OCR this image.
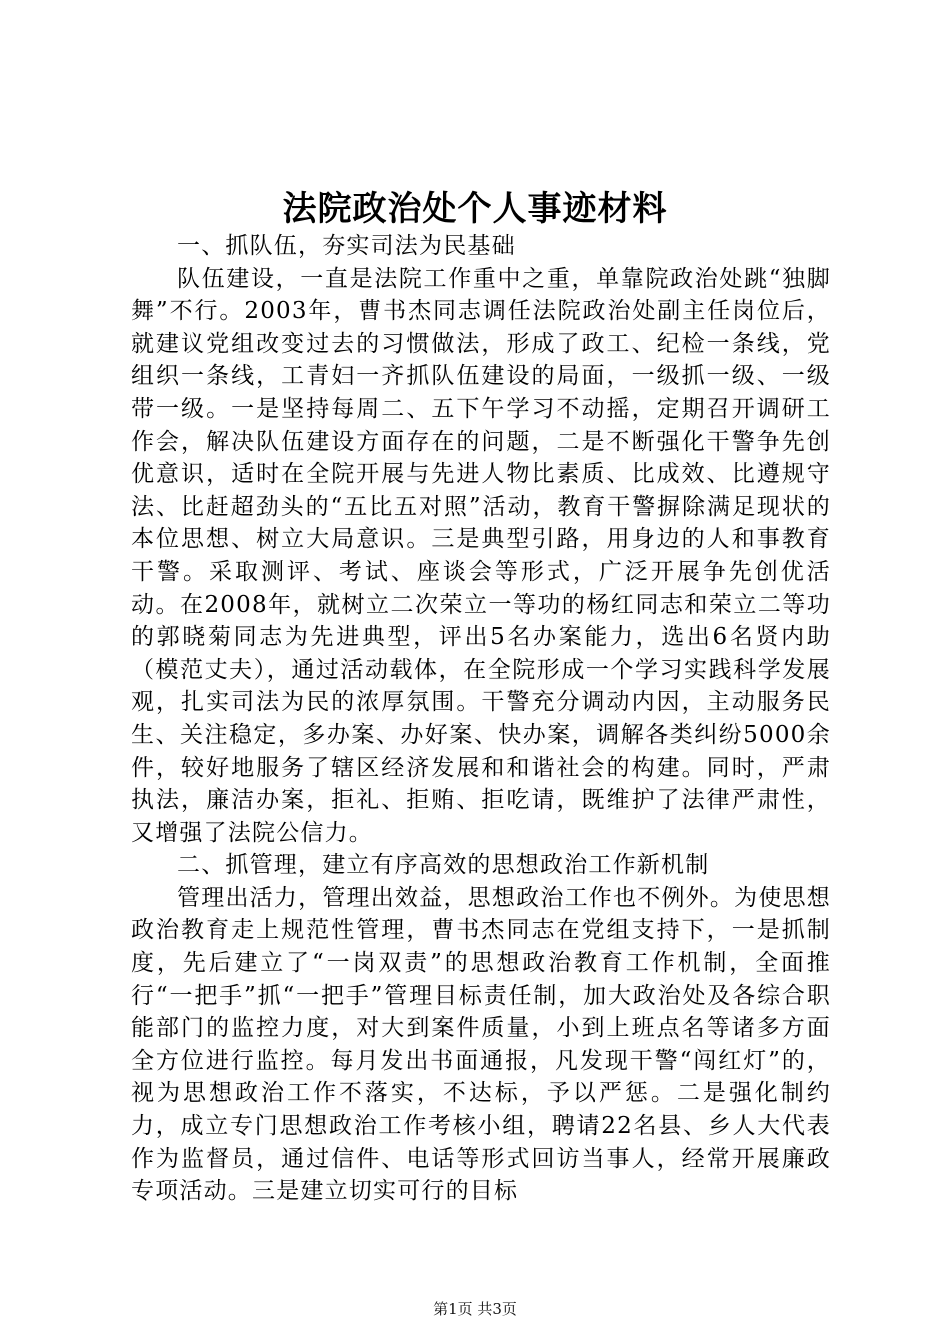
法院政治处个人事迹材料

一、抓队伍，夯实司法为民基础

队伍建设，一直是法院工作重中之重，单靠院政治处跳“独脚舞”不行。2003年，曹书杰同志调任法院政治处副主任岗位后，就建议党组改变过去的习惯做法，形成了政工、纪检一条线，党组织一条线，工青妇一齐抓队伍建设的局面，一级抓一级、一级带一级。一是坚持每周二、五下午学习不动摇，定期召开调研工作会，解决队伍建设方面存在的问题，二是不断强化干警争先创优意识，适时在全院开展与先进人物比素质、比成效、比遵规守法、比赶超劲头的“五比五对照”活动，教育干警摒除满足现状的本位思想、树立大局意识。三是典型引路，用身边的人和事教育干警。采取测评、考试、座谈会等形式，广泛开展争先创优活动。在2008年，就树立二次荣立一等功的杨红同志和荣立二等功的郭晓菊同志为先进典型，评出5名办案能力，选出6名贤内助（模范丈夫），通过活动载体，在全院形成一个学习实践科学发展观，扎实司法为民的浓厚氛围。干警充分调动内因，主动服务民生、关注稳定，多办案、办好案、快办案，调解各类纠纷5000余件，较好地服务了辖区经济发展和和谐社会的构建。同时，严肃执法，廉洁办案，拒礼、拒贿、拒吃请，既维护了法律严肃性，又增强了法院公信力。

二、抓管理，建立有序高效的思想政治工作新机制

管理出活力，管理出效益，思想政治工作也不例外。为使思想政治教育走上规范性管理，曹书杰同志在党组支持下，一是抓制度，先后建立了“一岗双责”的思想政治教育工作机制，全面推行“一把手”抓“一把手”管理目标责任制，加大政治处及各综合职能部门的监控力度，对大到案件质量，小到上班点名等诸多方面全方位进行监控。每月发出书面通报，凡发现干警“闯红灯”的，视为思想政治工作不落实，不达标，予以严惩。二是强化制约力，成立专门思想政治工作考核小组，聘请22名县、乡人大代表作为监督员，通过信件、电话等形式回访当事人，经常开展廉政专项活动。三是建立切实可行的目标

第1页 共3页
